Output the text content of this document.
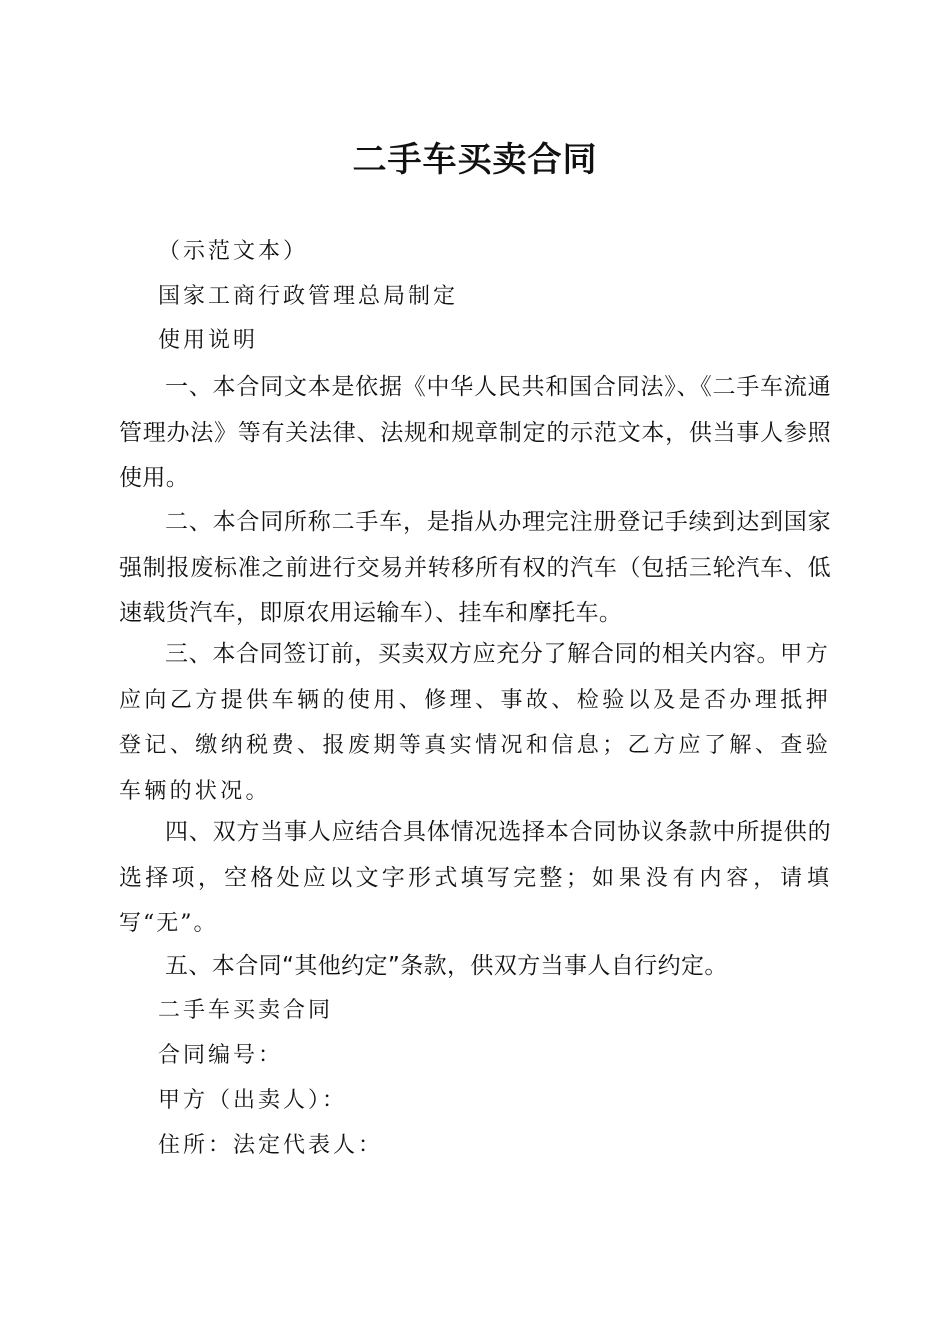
二手车买卖合同
（示范文本）
国家工商行政管理总局制定
使用说明
一、本合同文本是依据《中华人民共和国合同法》、《二手车流通管理办法》等有关法律、法规和规章制定的示范文本，供当事人参照使用。
二、本合同所称二手车，是指从办理完注册登记手续到达到国家强制报废标准之前进行交易并转移所有权的汽车（包括三轮汽车、低速载货汽车，即原农用运输车）、挂车和摩托车。
三、本合同签订前，买卖双方应充分了解合同的相关内容。甲方应向乙方提供车辆的使用、修理、事故、检验以及是否办理抵押登记、缴纳税费、报废期等真实情况和信息；乙方应了解、查验车辆的状况。
四、双方当事人应结合具体情况选择本合同协议条款中所提供的选择项，空格处应以文字形式填写完整；如果没有内容，请填写“无”。
五、本合同“其他约定”条款，供双方当事人自行约定。
二手车买卖合同
合同编号：
甲方（出卖人）：
住所：法定代表人：
